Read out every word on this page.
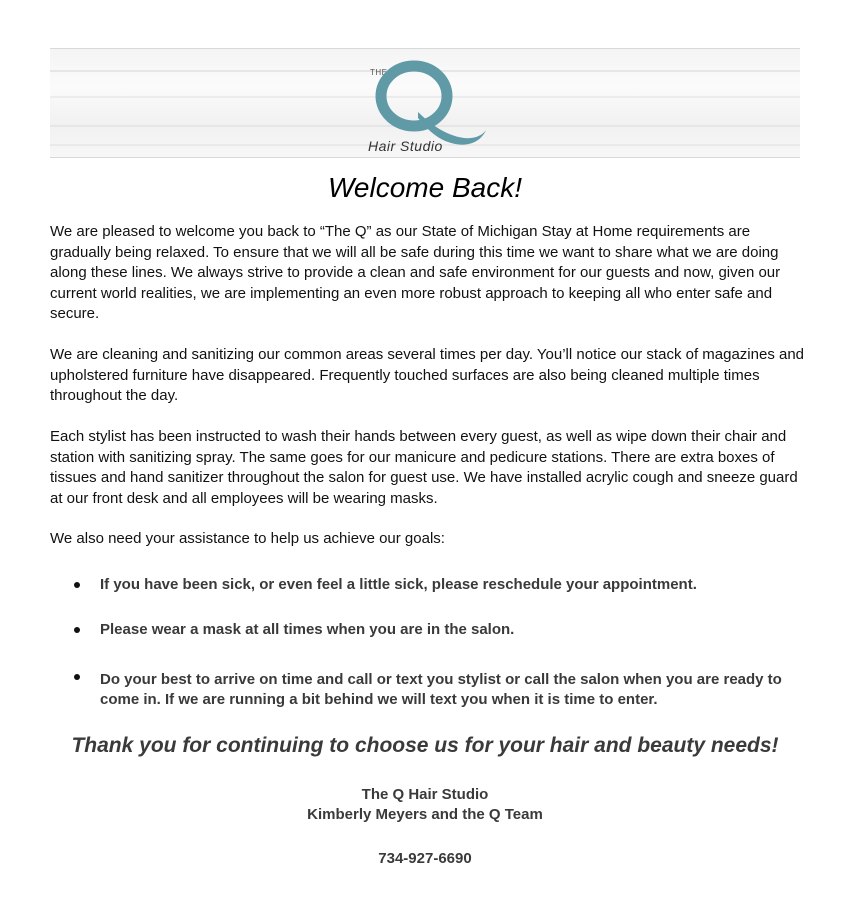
THE
Hair Studio
Welcome Back!

We are pleased to welcome you back to “The Q” as our State of Michigan Stay at Home requirements are gradually being relaxed. To ensure that we will all be safe during this time we want to share what we are doing along these lines. We always strive to provide a clean and safe environment for our guests and now, given our current world realities, we are implementing an even more robust approach to keeping all who enter safe and secure.

We are cleaning and sanitizing our common areas several times per day. You’ll notice our stack of magazines and upholstered furniture have disappeared. Frequently touched surfaces are also being cleaned multiple times throughout the day.

Each stylist has been instructed to wash their hands between every guest, as well as wipe down their chair and station with sanitizing spray. The same goes for our manicure and pedicure stations. There are extra boxes of tissues and hand sanitizer throughout the salon for guest use. We have installed acrylic cough and sneeze guard at our front desk and all employees will be wearing masks.

We also need your assistance to help us achieve our goals:

If you have been sick, or even feel a little sick, please reschedule your appointment.

Please wear a mask at all times when you are in the salon.

Do your best to arrive on time and call or text you stylist or call the salon when you are ready to come in. If we are running a bit behind we will text you when it is time to enter.

Thank you for continuing to choose us for your hair and beauty needs!

The Q Hair Studio

Kimberly Meyers and the Q Team

734-927-6690
